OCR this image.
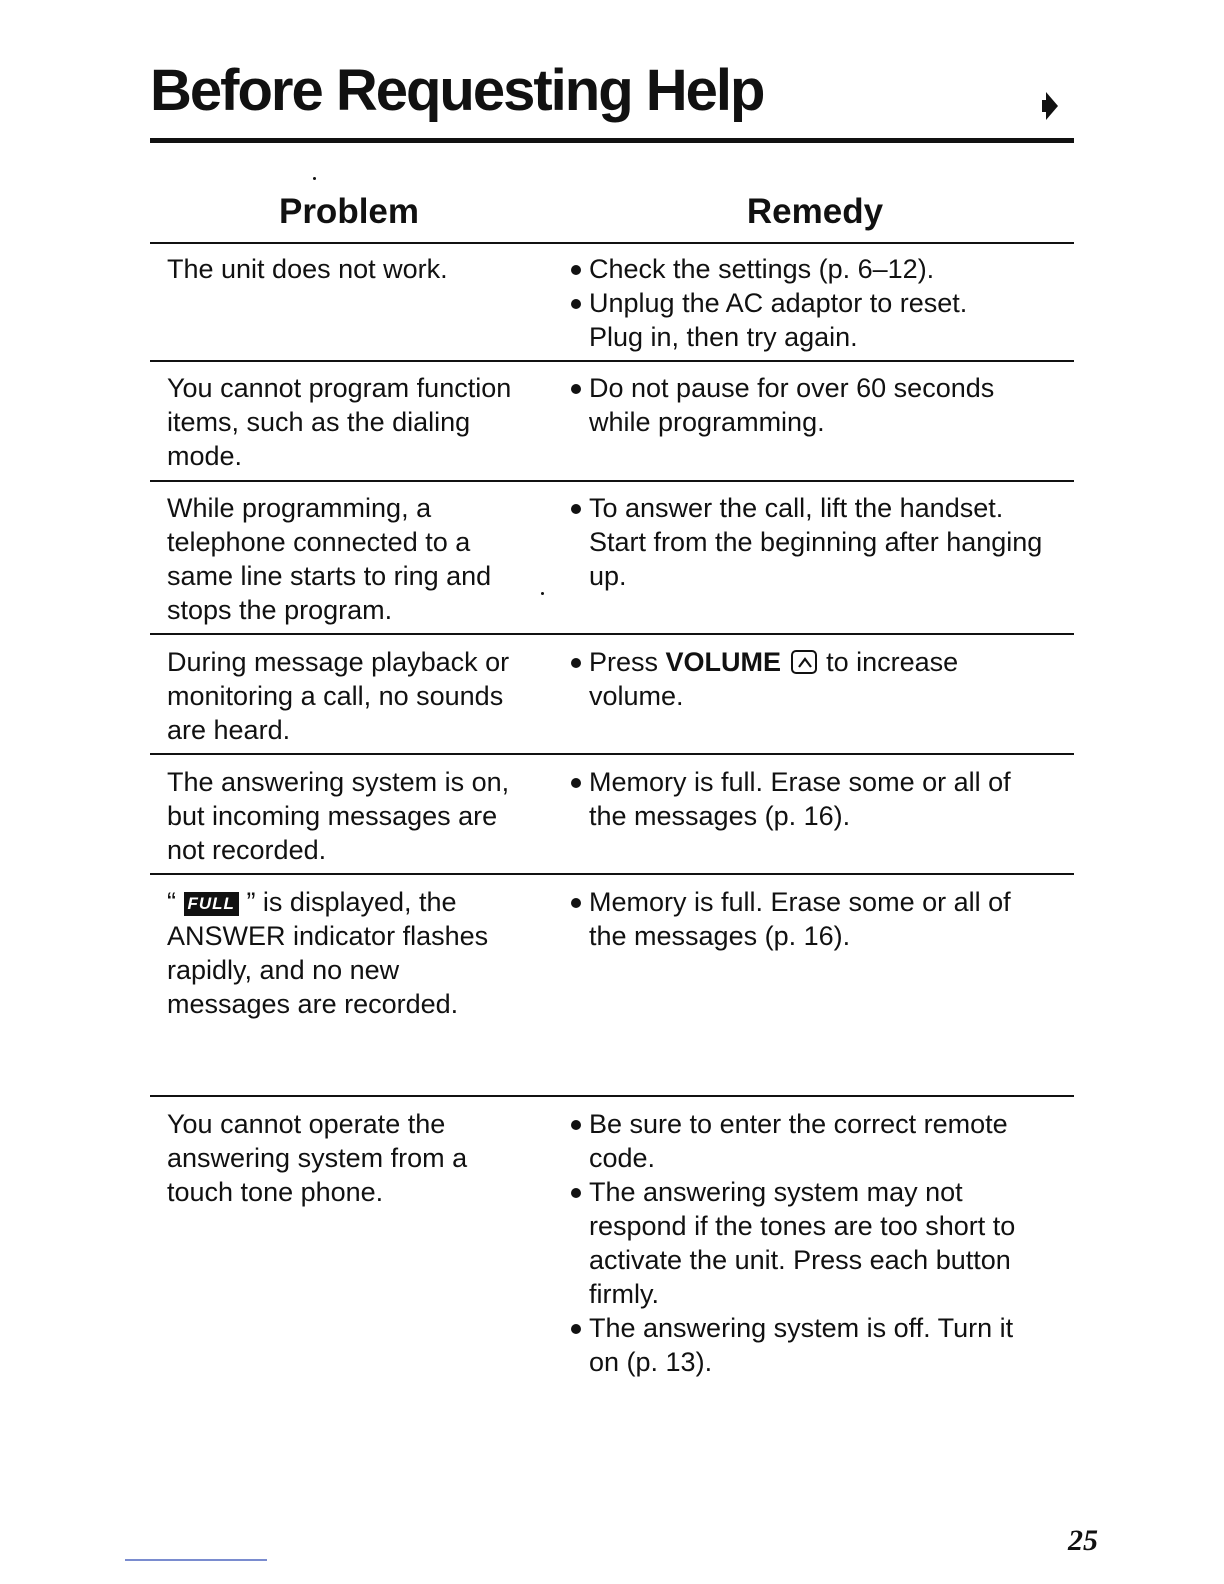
Before Requesting Help
Problem	Remedy
The unit does not work.	Check the settings (p. 6–12).
Unplug the AC adaptor to reset.
Plug in, then try again.
You cannot program function
items, such as the dialing
mode.
Do not pause for over 60 seconds
while programming.
While programming, a
telephone connected to a
same line starts to ring and
stops the program.
To answer the call, lift the handset.
Start from the beginning after hanging
up.
During message playback or
monitoring a call, no sounds
are heard.
Press VOLUME
to increase
volume.
The answering system is on,
but incoming messages are
not recorded.
Memory is full. Erase some or all of
the messages (p. 16).
“ FULL ” is displayed, the
ANSWER indicator flashes
rapidly, and no new
messages are recorded.
Memory is full. Erase some or all of
the messages (p. 16).
You cannot operate the
answering system from a
touch tone phone.
Be sure to enter the correct remote
code.
The answering system may not
respond if the tones are too short to
activate the unit. Press each button
firmly.
The answering system is off. Turn it
on (p. 13).
25
